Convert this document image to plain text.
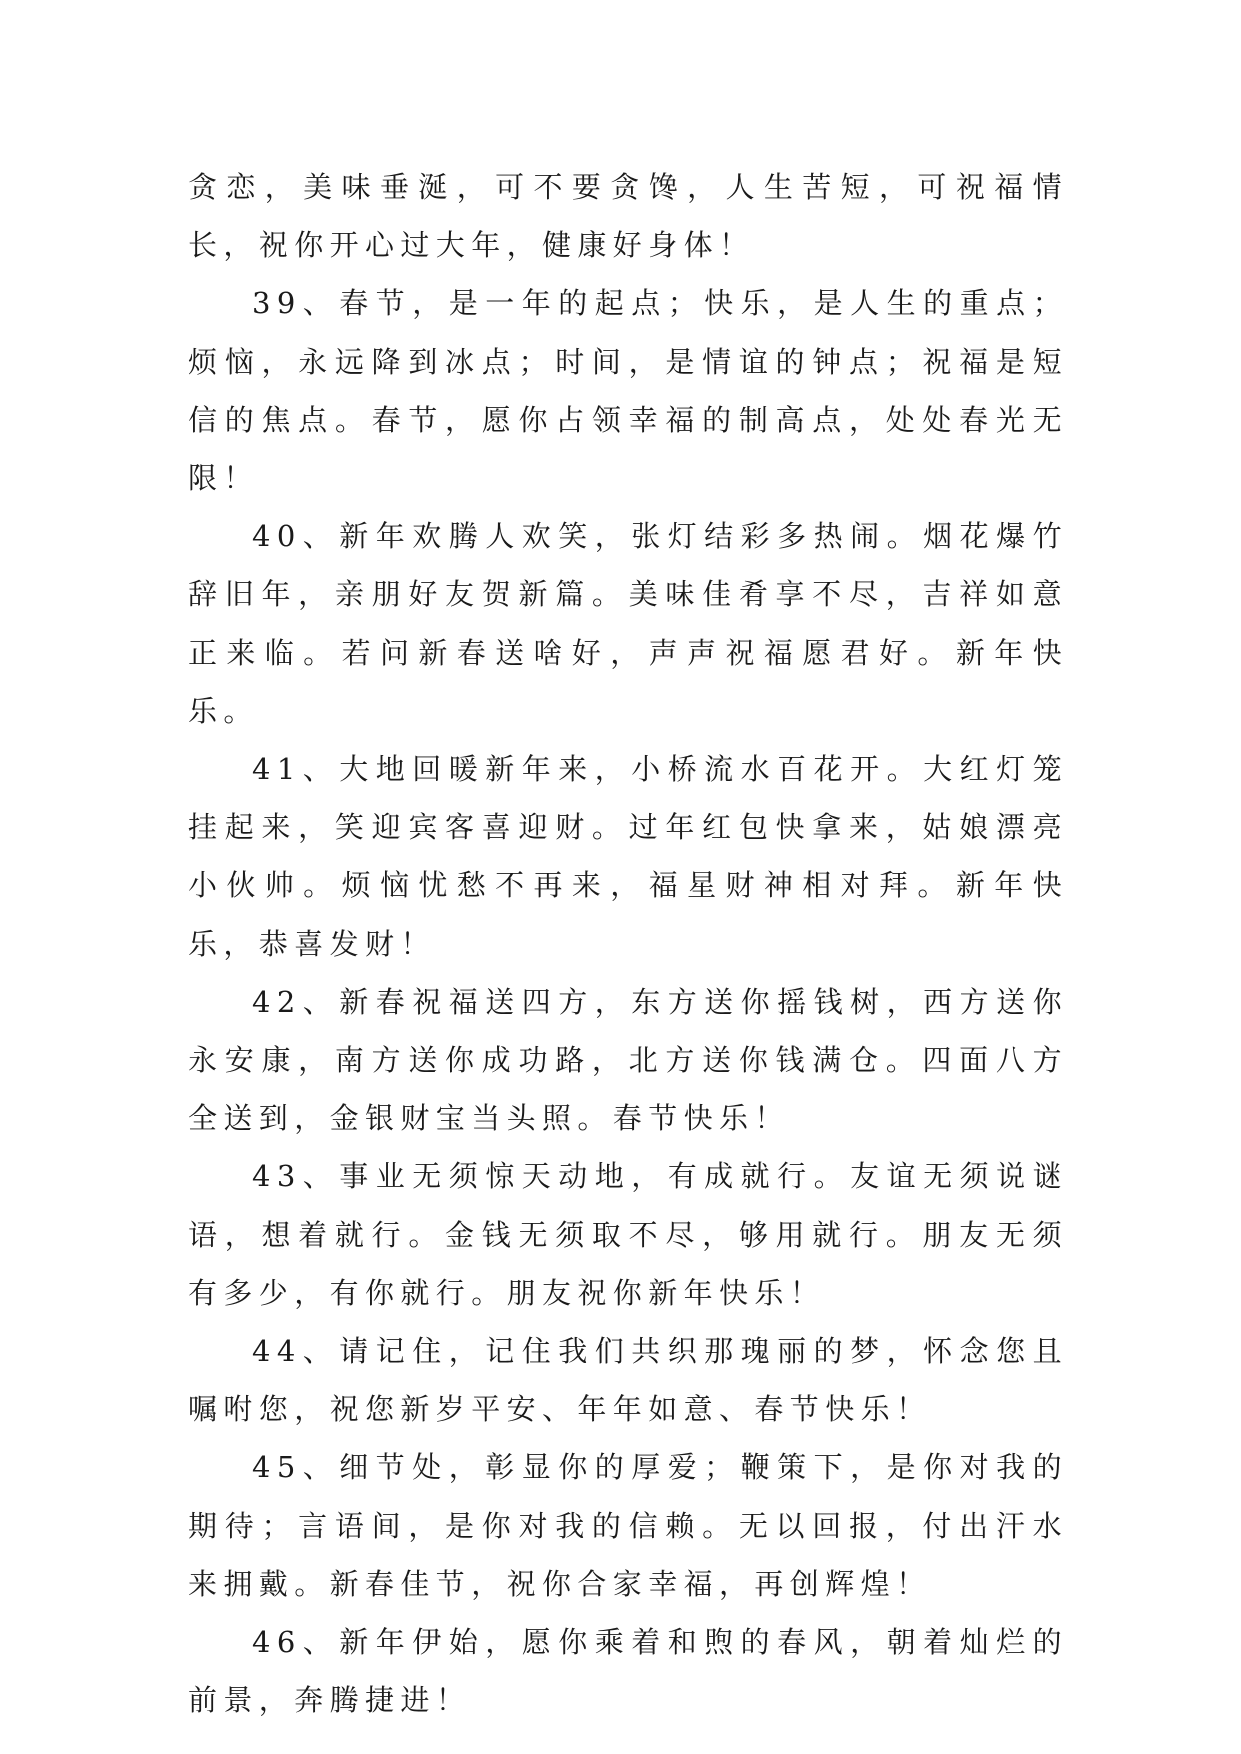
贪恋，美味垂涎，可不要贪馋，人生苦短，可祝福情长，祝你开心过大年，健康好身体！

39、春节，是一年的起点；快乐，是人生的重点；烦恼，永远降到冰点；时间，是情谊的钟点；祝福是短信的焦点。春节，愿你占领幸福的制高点，处处春光无限！

40、新年欢腾人欢笑，张灯结彩多热闹。烟花爆竹辞旧年，亲朋好友贺新篇。美味佳肴享不尽，吉祥如意正来临。若问新春送啥好，声声祝福愿君好。新年快乐。

41、大地回暖新年来，小桥流水百花开。大红灯笼挂起来，笑迎宾客喜迎财。过年红包快拿来，姑娘漂亮小伙帅。烦恼忧愁不再来，福星财神相对拜。新年快乐，恭喜发财！

42、新春祝福送四方，东方送你摇钱树，西方送你永安康，南方送你成功路，北方送你钱满仓。四面八方全送到，金银财宝当头照。春节快乐！

43、事业无须惊天动地，有成就行。友谊无须说谜语，想着就行。金钱无须取不尽，够用就行。朋友无须有多少，有你就行。朋友祝你新年快乐！

44、请记住，记住我们共织那瑰丽的梦，怀念您且嘱咐您，祝您新岁平安、年年如意、春节快乐！

45、细节处，彰显你的厚爱；鞭策下，是你对我的期待；言语间，是你对我的信赖。无以回报，付出汗水来拥戴。新春佳节，祝你合家幸福，再创辉煌！

46、新年伊始，愿你乘着和煦的春风，朝着灿烂的前景，奔腾捷进！
